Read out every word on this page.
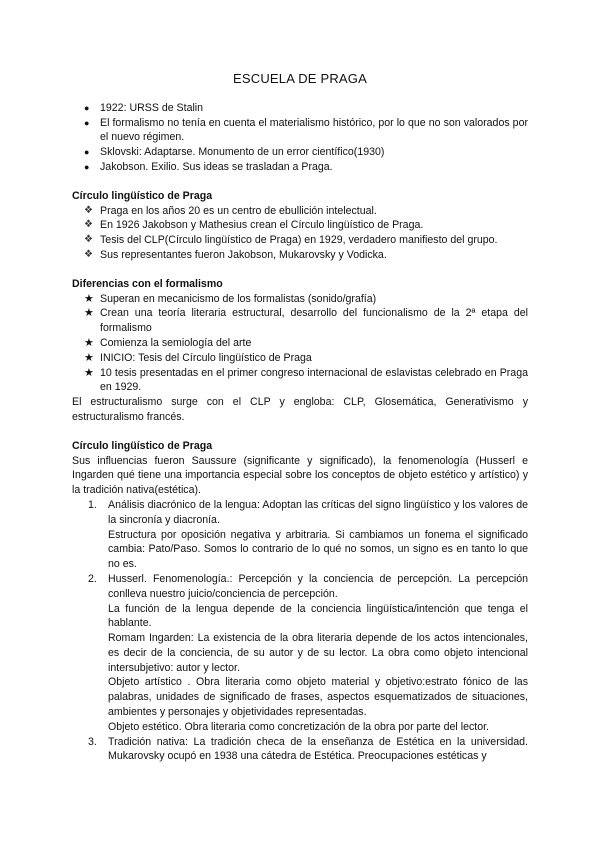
ESCUELA DE PRAGA
● 1922: URSS de Stalin
● El formalismo no tenía en cuenta el materialismo histórico, por lo que no son valorados por el nuevo régimen.
● Sklovski: Adaptarse. Monumento de un error científico(1930)
● Jakobson. Exilio. Sus ideas se trasladan a Praga.
Círculo lingüístico de Praga
❖ Praga en los años 20 es un centro de ebullición intelectual.
❖ En 1926 Jakobson y Mathesius crean el Círculo lingüístico de Praga.
❖ Tesis del CLP(Círculo lingüístico de Praga) en 1929, verdadero manifiesto del grupo.
❖ Sus representantes fueron Jakobson, Mukarovsky y Vodicka.
Diferencias con el formalismo
★ Superan en mecanicismo de los formalistas (sonido/grafía)
★ Crean una teoría literaria estructural, desarrollo del funcionalismo de la 2ª etapa del formalismo
★ Comienza la semiología del arte
★ INICIO: Tesis del Círculo lingüístico de Praga
★ 10 tesis presentadas en el primer congreso internacional de eslavistas celebrado en Praga en 1929.
El estructuralismo surge con el CLP y engloba: CLP, Glosemática, Generativismo y estructuralismo francés.
Círculo lingüístico de Praga
Sus influencias fueron Saussure (significante y significado), la fenomenología (Husserl e Ingarden qué tiene una importancia especial sobre los conceptos de objeto estético y artístico) y la tradición nativa(estética).
1. Análisis diacrónico de la lengua: Adoptan las críticas del signo lingüístico y los valores de la sincronía y diacronía.
Estructura por oposición negativa y arbitraria. Si cambiamos un fonema el significado cambia: Pato/Paso. Somos lo contrario de lo qué no somos, un signo es en tanto lo que no es.
2. Husserl. Fenomenología.: Percepción y la conciencia de percepción. La percepción conlleva nuestro juicio/conciencia de percepción.
La función de la lengua depende de la conciencia lingüística/intención que tenga el hablante.
Romam Ingarden: La existencia de la obra literaria depende de los actos intencionales, es decir de la conciencia, de su autor y de su lector. La obra como objeto intencional intersubjetivo: autor y lector.
Objeto artístico . Obra literaria como objeto material y objetivo:estrato fónico de las palabras, unidades de significado de frases, aspectos esquematizados de situaciones, ambientes y personajes y objetividades representadas.
Objeto estético. Obra literaria como concretización de la obra por parte del lector.
3. Tradición nativa: La tradición checa de la enseñanza de Estética en la universidad. Mukarovsky ocupó en 1938 una cátedra de Estética. Preocupaciones estéticas y
